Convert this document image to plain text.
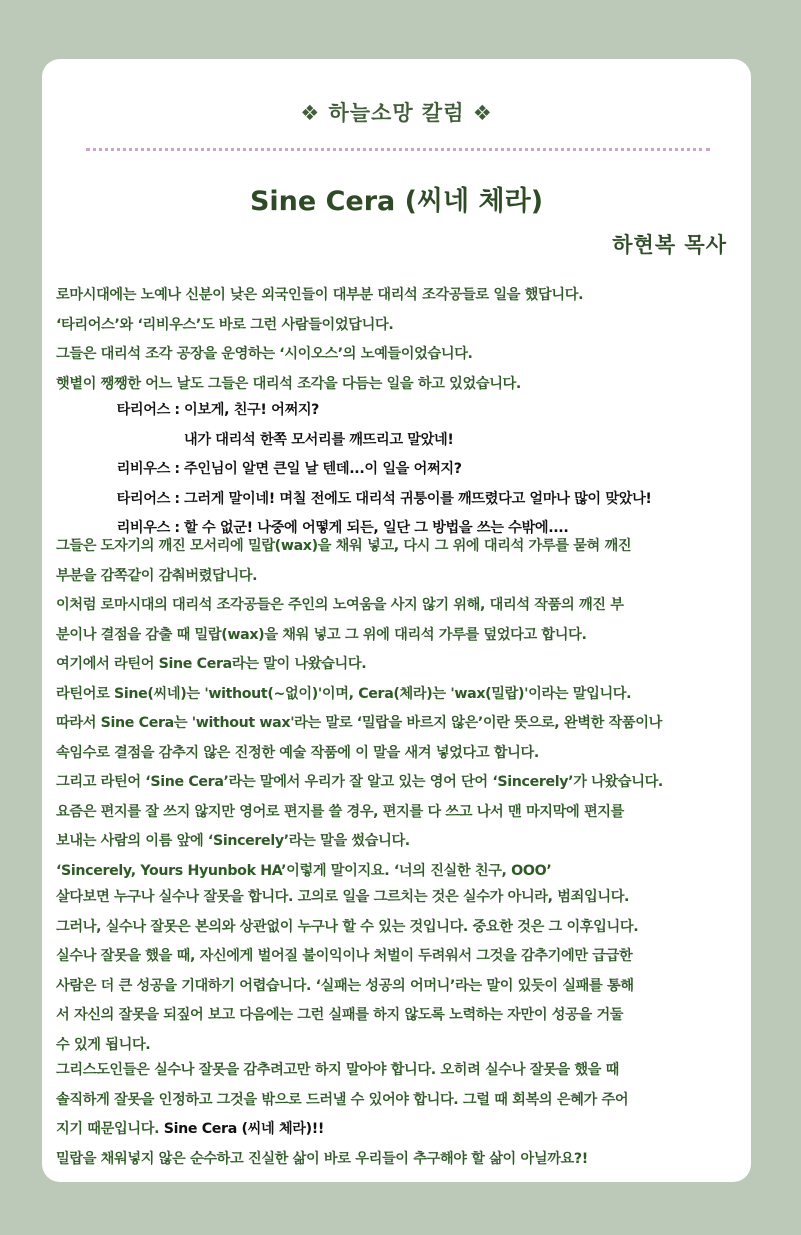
❖ 하늘소망 칼럼 ❖
Sine Cera (씨네 체라)
하현복 목사
로마시대에는 노예나 신분이 낮은 외국인들이 대부분 대리석 조각공들로 일을 했답니다.
‘타리어스’와 ‘리비우스’도 바로 그런 사람들이었답니다.
그들은 대리석 조각 공장을 운영하는 ‘시이오스’의 노예들이었습니다.
햇볕이 쨍쨍한 어느 날도 그들은 대리석 조각을 다듬는 일을 하고 있었습니다.
타리어스 : 이보게, 친구! 어쩌지?
내가 대리석 한쪽 모서리를 깨뜨리고 말았네!
리비우스 : 주인님이 알면 큰일 날 텐데...이 일을 어쩌지?
타리어스 : 그러게 말이네! 며칠 전에도 대리석 귀퉁이를 깨뜨렸다고 얼마나 많이 맞았나!
리비우스 : 할 수 없군! 나중에 어떻게 되든, 일단 그 방법을 쓰는 수밖에....
그들은 도자기의 깨진 모서리에 밀랍(wax)을 채워 넣고, 다시 그 위에 대리석 가루를 묻혀 깨진
부분을 감쪽같이 감춰버렸답니다.
이처럼 로마시대의 대리석 조각공들은 주인의 노여움을 사지 않기 위해, 대리석 작품의 깨진 부
분이나 결점을 감출 때 밀랍(wax)을 채워 넣고 그 위에 대리석 가루를 덮었다고 합니다.
여기에서 라틴어 Sine Cera라는 말이 나왔습니다.
라틴어로 Sine(씨네)는 'without(~없이)'이며, Cera(체라)는 'wax(밀랍)'이라는 말입니다.
따라서 Sine Cera는 'without wax'라는 말로 ‘밀랍을 바르지 않은’이란 뜻으로, 완벽한 작품이나
속임수로 결점을 감추지 않은 진정한 예술 작품에 이 말을 새겨 넣었다고 합니다.
그리고 라틴어 ‘Sine Cera’라는 말에서 우리가 잘 알고 있는 영어 단어 ‘Sincerely’가 나왔습니다.
요즘은 편지를 잘 쓰지 않지만 영어로 편지를 쓸 경우, 편지를 다 쓰고 나서 맨 마지막에 편지를
보내는 사람의 이름 앞에 ‘Sincerely’라는 말을 썼습니다.
‘Sincerely, Yours Hyunbok HA’이렇게 말이지요. ‘너의 진실한 친구, OOO’
살다보면 누구나 실수나 잘못을 합니다. 고의로 일을 그르치는 것은 실수가 아니라, 범죄입니다.
그러나, 실수나 잘못은 본의와 상관없이 누구나 할 수 있는 것입니다. 중요한 것은 그 이후입니다.
실수나 잘못을 했을 때, 자신에게 벌어질 불이익이나 처벌이 두려워서 그것을 감추기에만 급급한
사람은 더 큰 성공을 기대하기 어렵습니다. ‘실패는 성공의 어머니’라는 말이 있듯이 실패를 통해
서 자신의 잘못을 되짚어 보고 다음에는 그런 실패를 하지 않도록 노력하는 자만이 성공을 거둘
수 있게 됩니다.
그리스도인들은 실수나 잘못을 감추려고만 하지 말아야 합니다. 오히려 실수나 잘못을 했을 때
솔직하게 잘못을 인정하고 그것을 밖으로 드러낼 수 있어야 합니다. 그럴 때 회복의 은혜가 주어
지기 때문입니다. Sine Cera (씨네 체라)!!
밀랍을 채워넣지 않은 순수하고 진실한 삶이 바로 우리들이 추구해야 할 삶이 아닐까요?!
